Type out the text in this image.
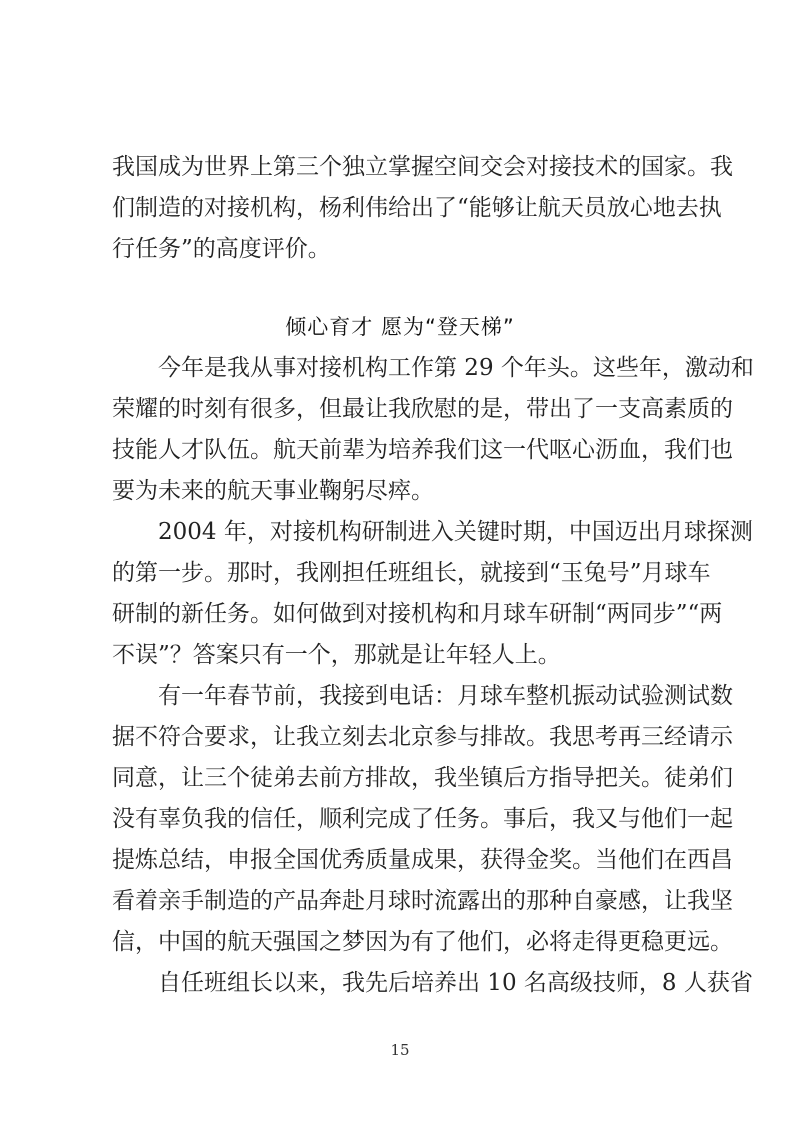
我国成为世界上第三个独立掌握空间交会对接技术的国家。我
们制造的对接机构，杨利伟给出了“能够让航天员放心地去执
行任务”的高度评价。
倾心育才 愿为“登天梯”
今年是我从事对接机构工作第 29 个年头。这些年，激动和
荣耀的时刻有很多，但最让我欣慰的是，带出了一支高素质的
技能人才队伍。航天前辈为培养我们这一代呕心沥血，我们也
要为未来的航天事业鞠躬尽瘁。
2004 年，对接机构研制进入关键时期，中国迈出月球探测
的第一步。那时，我刚担任班组长，就接到“玉兔号”月球车
研制的新任务。如何做到对接机构和月球车研制“两同步”“两
不误”？答案只有一个，那就是让年轻人上。
有一年春节前，我接到电话：月球车整机振动试验测试数
据不符合要求，让我立刻去北京参与排故。我思考再三经请示
同意，让三个徒弟去前方排故，我坐镇后方指导把关。徒弟们
没有辜负我的信任，顺利完成了任务。事后，我又与他们一起
提炼总结，申报全国优秀质量成果，获得金奖。当他们在西昌
看着亲手制造的产品奔赴月球时流露出的那种自豪感，让我坚
信，中国的航天强国之梦因为有了他们，必将走得更稳更远。
自任班组长以来，我先后培养出 10 名高级技师，8 人获省
15
